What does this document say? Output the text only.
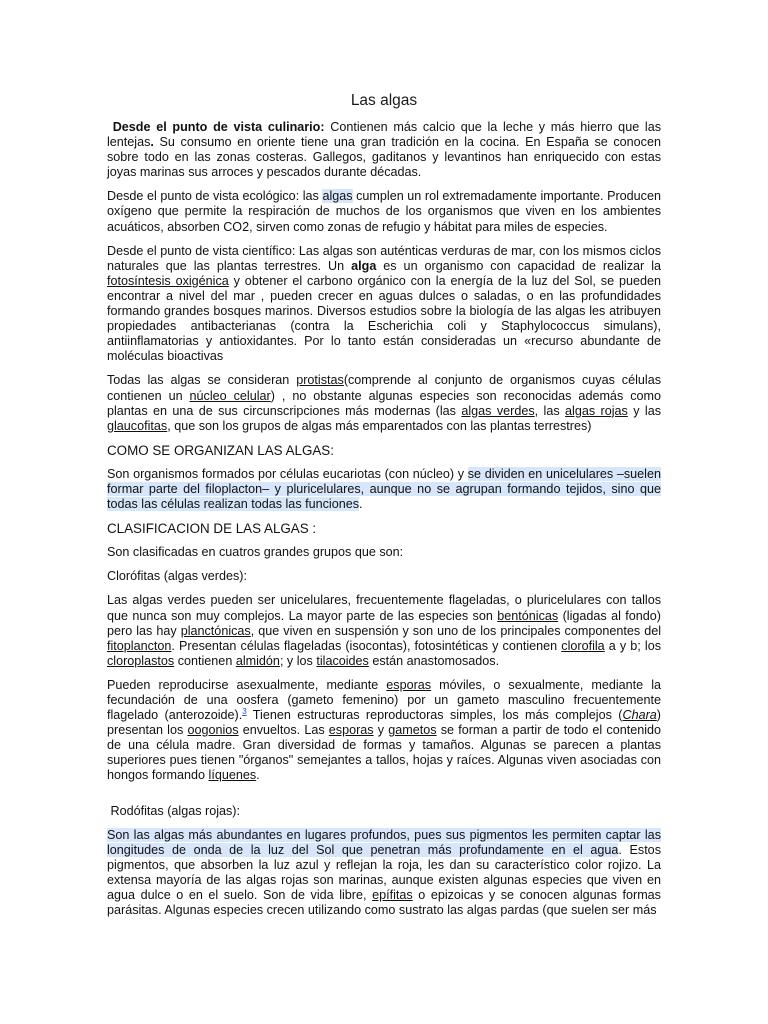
Las algas

Desde el punto de vista culinario: Contienen más calcio que la leche y más hierro que las lentejas. Su consumo en oriente tiene una gran tradición en la cocina. En España se conocen sobre todo en las zonas costeras. Gallegos, gaditanos y levantinos han enriquecido con estas joyas marinas sus arroces y pescados durante décadas.

Desde el punto de vista ecológico: las algas cumplen un rol extremadamente importante. Producen oxígeno que permite la respiración de muchos de los organismos que viven en los ambientes acuáticos, absorben CO2, sirven como zonas de refugio y hábitat para miles de especies.

Desde el punto de vista científico: Las algas son auténticas verduras de mar, con los mismos ciclos naturales que las plantas terrestres. Un alga es un organismo con capacidad de realizar la fotosíntesis oxigénica y obtener el carbono orgánico con la energía de la luz del Sol, se pueden encontrar a nivel del mar , pueden crecer en aguas dulces o saladas, o en las profundidades formando grandes bosques marinos. Diversos estudios sobre la biología de las algas les atribuyen propiedades antibacterianas (contra la Escherichia coli y Staphylococcus simulans), antiinflamatorias y antioxidantes. Por lo tanto están consideradas un «recurso abundante de moléculas bioactivas

Todas las algas se consideran protistas(comprende al conjunto de organismos cuyas células contienen un núcleo celular) , no obstante algunas especies son reconocidas además como plantas en una de sus circunscripciones más modernas (las algas verdes, las algas rojas y las glaucofitas, que son los grupos de algas más emparentados con las plantas terrestres)

COMO SE ORGANIZAN LAS ALGAS:

Son organismos formados por células eucariotas (con núcleo) y se dividen en unicelulares –suelen formar parte del filoplacton– y pluricelulares, aunque no se agrupan formando tejidos, sino que todas las células realizan todas las funciones.

CLASIFICACION DE LAS ALGAS :

Son clasificadas en cuatros grandes grupos que son:

Clorófitas (algas verdes):

Las algas verdes pueden ser unicelulares, frecuentemente flageladas, o pluricelulares con tallos que nunca son muy complejos. La mayor parte de las especies son bentónicas (ligadas al fondo) pero las hay planctónicas, que viven en suspensión y son uno de los principales componentes del fitoplancton. Presentan células flageladas (isocontas), fotosintéticas y contienen clorofila a y b; los cloroplastos contienen almidón; y los tilacoides están anastomosados.

Pueden reproducirse asexualmente, mediante esporas móviles, o sexualmente, mediante la fecundación de una oosfera (gameto femenino) por un gameto masculino frecuentemente flagelado (anterozoide).$^3$ Tienen estructuras reproductoras simples, los más complejos (Chara) presentan los oogonios envueltos. Las esporas y gametos se forman a partir de todo el contenido de una célula madre. Gran diversidad de formas y tamaños. Algunas se parecen a plantas superiores pues tienen "órganos" semejantes a tallos, hojas y raíces. Algunas viven asociadas con hongos formando líquenes.

Rodófitas (algas rojas):

Son las algas más abundantes en lugares profundos, pues sus pigmentos les permiten captar las longitudes de onda de la luz del Sol que penetran más profundamente en el agua. Estos pigmentos, que absorben la luz azul y reflejan la roja, les dan su característico color rojizo. La extensa mayoría de las algas rojas son marinas, aunque existen algunas especies que viven en agua dulce o en el suelo. Son de vida libre, epífitas o epizoicas y se conocen algunas formas parásitas. Algunas especies crecen utilizando como sustrato las algas pardas (que suelen ser más
